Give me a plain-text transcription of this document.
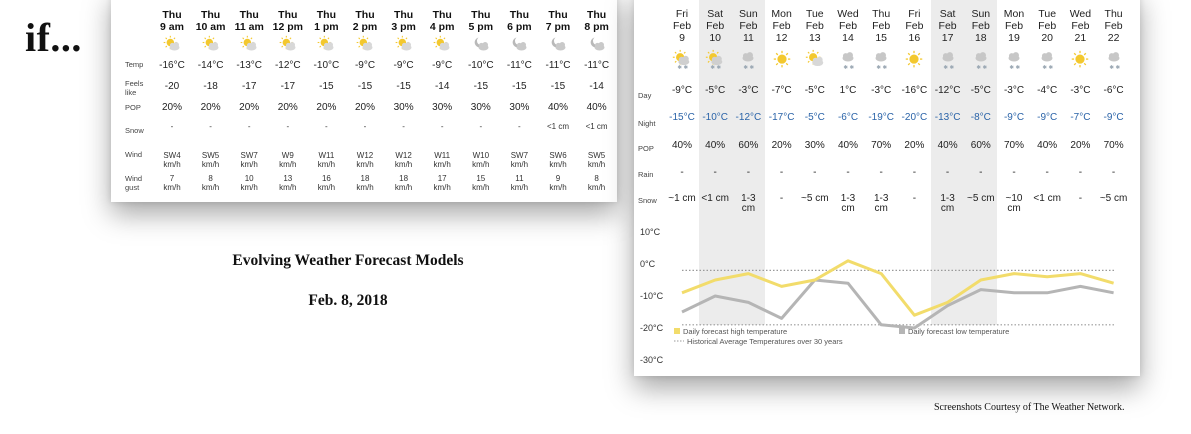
if...
Temp
Feels like
POP
Snow
Wind
Wind gust
Thu
9 am
-16°C
-20
20%
-
SW4
km/h
7
km/h
Thu
10 am
-14°C
-18
20%
-
SW5
km/h
8
km/h
Thu
11 am
-13°C
-17
20%
-
SW7
km/h
10
km/h
Thu
12 pm
-12°C
-17
20%
-
W9
km/h
13
km/h
Thu
1 pm
-10°C
-15
20%
-
W11
km/h
16
km/h
Thu
2 pm
-9°C
-15
20%
-
W12
km/h
18
km/h
Thu
3 pm
-9°C
-15
30%
-
W12
km/h
18
km/h
Thu
4 pm
-9°C
-14
30%
-
W11
km/h
17
km/h
Thu
5 pm
-10°C
-15
30%
-
W10
km/h
15
km/h
Thu
6 pm
-11°C
-15
30%
-
SW7
km/h
11
km/h
Thu
7 pm
-11°C
-15
40%
<1 cm
SW6
km/h
9
km/h
Thu
8 pm
-11°C
-14
40%
<1 cm
SW5
km/h
8
km/h
Evolving Weather Forecast Models
Feb. 8, 2018
Day
Night
POP
Rain
Snow
Fri
Feb
9
✱ ✱
-9°C
-15°C
40%
-
~1 cm
Sat
Feb
10
✱ ✱
-5°C
-10°C
40%
-
<1 cm
Sun
Feb
11
✱ ✱
-3°C
-12°C
60%
-
1-3 cm
Mon
Feb
12
-7°C
-17°C
20%
-
-
Tue
Feb
13
-5°C
-5°C
30%
-
~5 cm
Wed
Feb
14
✱ ✱
1°C
-6°C
40%
-
1-3 cm
Thu
Feb
15
✱ ✱
-3°C
-19°C
70%
-
1-3 cm
Fri
Feb
16
-16°C
-20°C
20%
-
-
Sat
Feb
17
✱ ✱
-12°C
-13°C
40%
-
1-3 cm
Sun
Feb
18
✱ ✱
-5°C
-8°C
60%
-
~5 cm
Mon
Feb
19
✱ ✱
-3°C
-9°C
70%
-
~10 cm
Tue
Feb
20
✱ ✱
-4°C
-9°C
40%
-
<1 cm
Wed
Feb
21
-3°C
-7°C
20%
-
-
Thu
Feb
22
✱ ✱
-6°C
-9°C
70%
-
~5 cm
10°C
0°C
-10°C
-20°C
-30°C
Daily forecast high temperature	Daily forecast low temperature
Historical Average Temperatures over 30 years
Screenshots Courtesy of The Weather Network.
